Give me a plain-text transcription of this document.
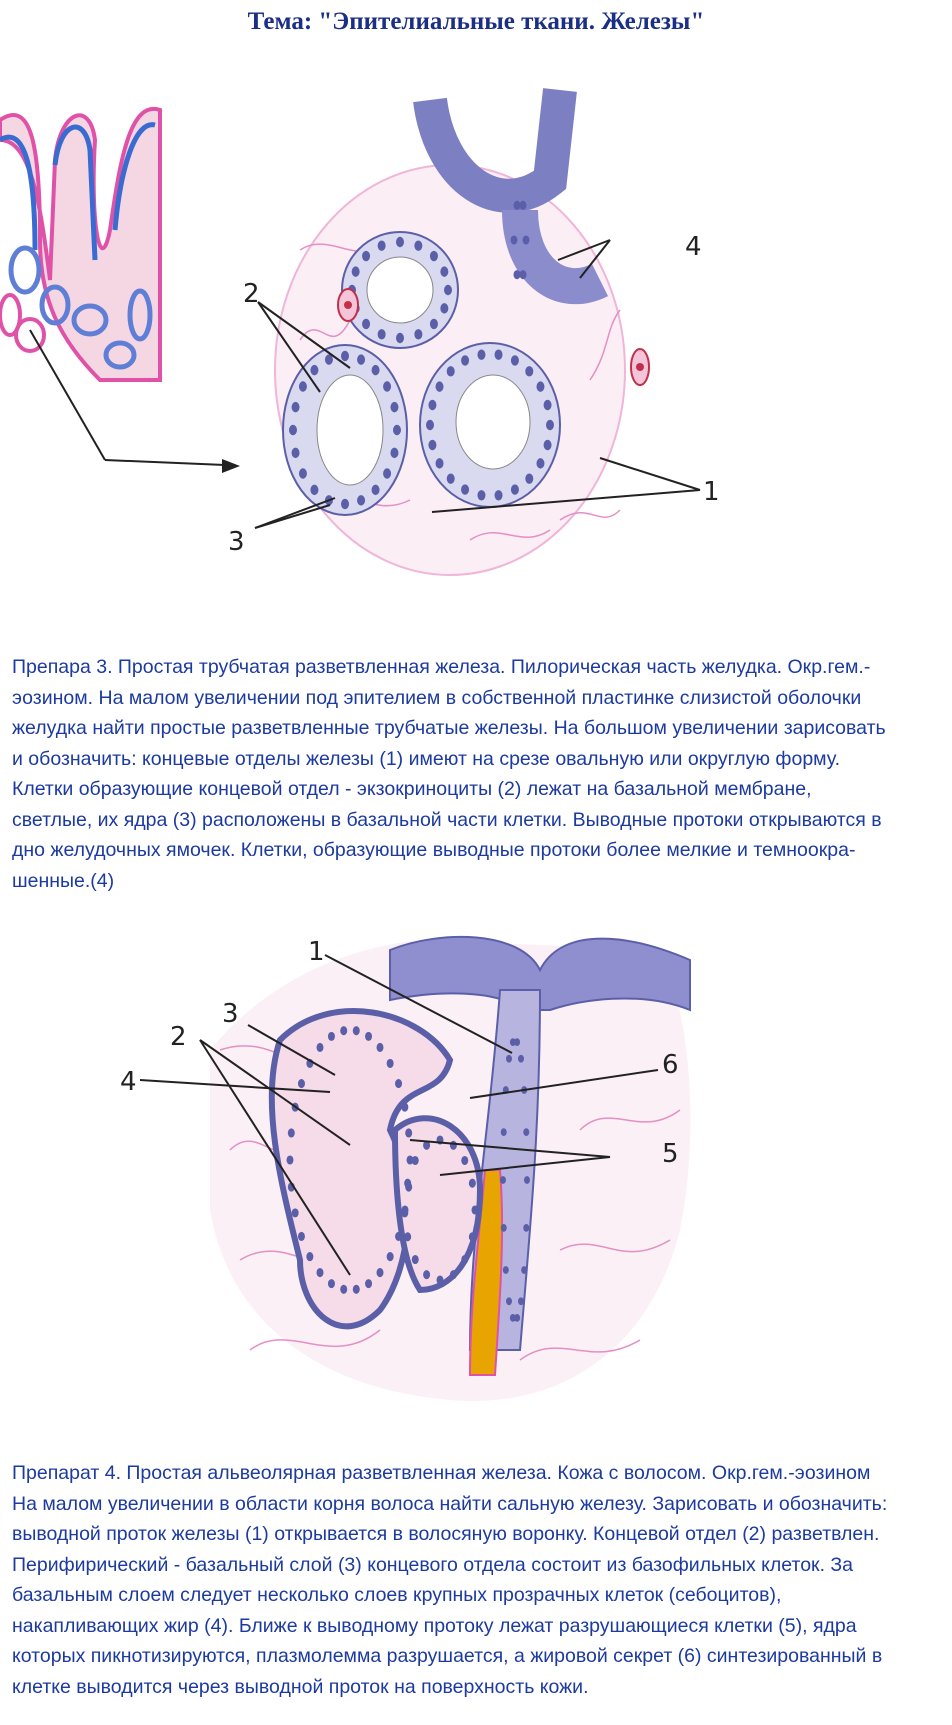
Тема: "Эпителиальные ткани. Железы"
2
4
1
3

Препара 3. Простая трубчатая разветвленная железа. Пилорическая часть желудка. Окр.гем.-

эозином. На малом увеличении под эпителием в собственной пластинке слизистой оболочки

желудка найти простые разветвленные трубчатые железы. На большом увеличении зарисовать

и обозначить: концевые отделы железы (1) имеют на срезе овальную или округлую форму.

Клетки образующие концевой отдел - экзокриноциты (2) лежат на базальной мембране,

светлые, их ядра (3) расположены в базальной части клетки. Выводные протоки открываются в

дно желудочных ямочек. Клетки, образующие выводные протоки более мелкие и темноокра-

шенные.(4)

1
2
3
4
5
6

Препарат 4. Простая альвеолярная разветвленная железа. Кожа с волосом. Окр.гем.-эозином

На малом увеличении в области корня волоса найти сальную железу. Зарисовать и обозначить:

выводной проток железы (1) открывается в волосяную воронку. Концевой отдел (2) разветвлен.

Перифирический - базальный слой (3) концевого отдела состоит из базофильных клеток. За

базальным слоем следует несколько слоев крупных прозрачных клеток (себоцитов),

накапливающих жир (4). Ближе к выводному протоку лежат разрушающиеся клетки (5), ядра

которых пикнотизируются, плазмолемма разрушается, а жировой секрет (6) синтезированный в

клетке выводится через выводной проток на поверхность кожи.
